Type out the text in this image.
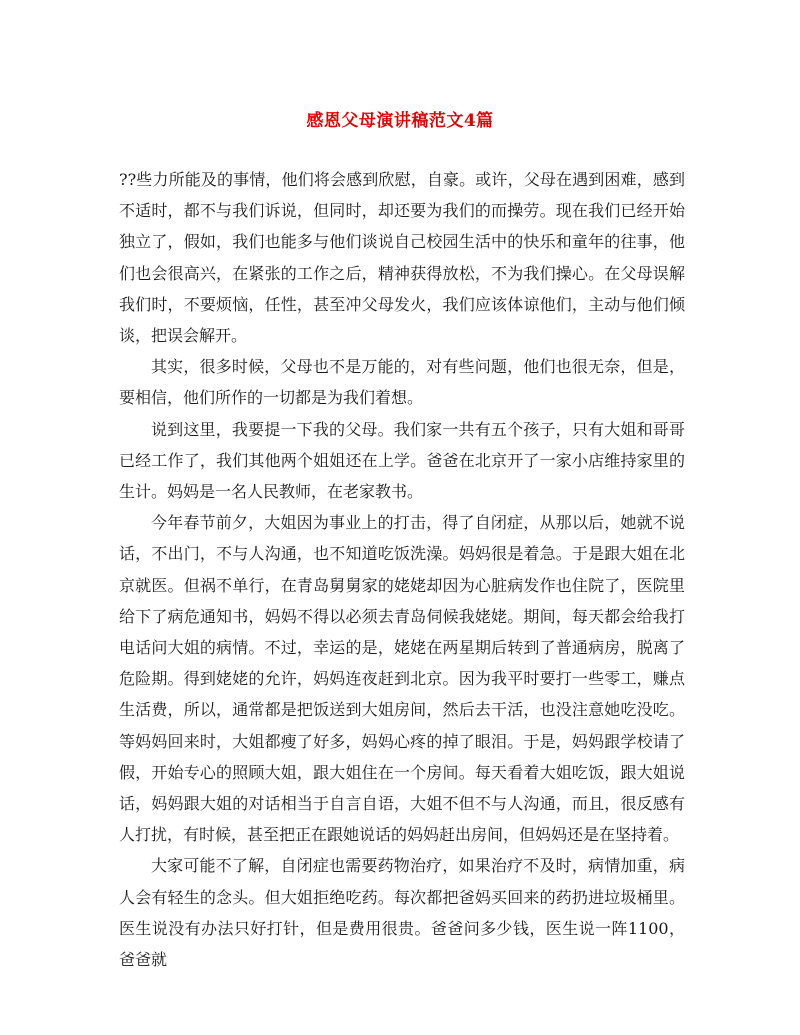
感恩父母演讲稿范文4篇

??些力所能及的事情，他们将会感到欣慰，自豪。或许，父母在遇到困难，感到不适时，都不与我们诉说，但同时，却还要为我们的而操劳。现在我们已经开始独立了，假如，我们也能多与他们谈说自己校园生活中的快乐和童年的往事，他们也会很高兴，在紧张的工作之后，精神获得放松，不为我们操心。在父母误解我们时，不要烦恼，任性，甚至冲父母发火，我们应该体谅他们，主动与他们倾谈，把误会解开。

其实，很多时候，父母也不是万能的，对有些问题，他们也很无奈，但是，要相信，他们所作的一切都是为我们着想。

说到这里，我要提一下我的父母。我们家一共有五个孩子，只有大姐和哥哥已经工作了，我们其他两个姐姐还在上学。爸爸在北京开了一家小店维持家里的生计。妈妈是一名人民教师，在老家教书。

今年春节前夕，大姐因为事业上的打击，得了自闭症，从那以后，她就不说话，不出门，不与人沟通，也不知道吃饭洗澡。妈妈很是着急。于是跟大姐在北京就医。但祸不单行，在青岛舅舅家的姥姥却因为心脏病发作也住院了，医院里给下了病危通知书，妈妈不得以必须去青岛伺候我姥姥。期间，每天都会给我打电话问大姐的病情。不过，幸运的是，姥姥在两星期后转到了普通病房，脱离了危险期。得到姥姥的允许，妈妈连夜赶到北京。因为我平时要打一些零工，赚点生活费，所以，通常都是把饭送到大姐房间，然后去干活，也没注意她吃没吃。等妈妈回来时，大姐都瘦了好多，妈妈心疼的掉了眼泪。于是，妈妈跟学校请了假，开始专心的照顾大姐，跟大姐住在一个房间。每天看着大姐吃饭，跟大姐说话，妈妈跟大姐的对话相当于自言自语，大姐不但不与人沟通，而且，很反感有人打扰，有时候，甚至把正在跟她说话的妈妈赶出房间，但妈妈还是在坚持着。

大家可能不了解，自闭症也需要药物治疗，如果治疗不及时，病情加重，病人会有轻生的念头。但大姐拒绝吃药。每次都把爸妈买回来的药扔进垃圾桶里。医生说没有办法只好打针，但是费用很贵。爸爸问多少钱，医生说一阵1100，爸爸就
